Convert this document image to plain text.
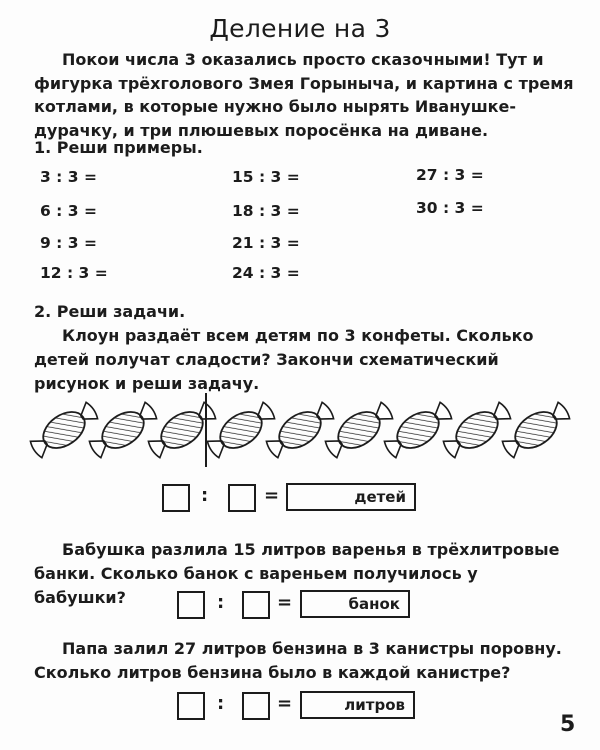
Деление на 3

Покои числа 3 оказались просто сказочными! Тут и фигурка трёхголового Змея Горыныча, и картина с тремя котлами, в которые нужно было нырять Иванушке-дурачку, и три плюшевых поросёнка на диване.

1. Реши примеры.
3 : 3 =
6 : 3 =
9 : 3 =
12 : 3 =
15 : 3 =
18 : 3 =
21 : 3 =
24 : 3 =
27 : 3 =
30 : 3 =
2. Реши задачи.

Клоун раздаёт всем детям по 3 конфеты. Сколько детей получат сладости? Закончи схематический рисунок и реши задачу.

:	=	детей

Бабушка разлила 15 литров варенья в трёхлитровые банки. Сколько банок с вареньем получилось у бабушки?	:	=	банок

Папа залил 27 литров бензина в 3 канистры поровну. Сколько литров бензина было в каждой канистре?

:	=	литров
5
